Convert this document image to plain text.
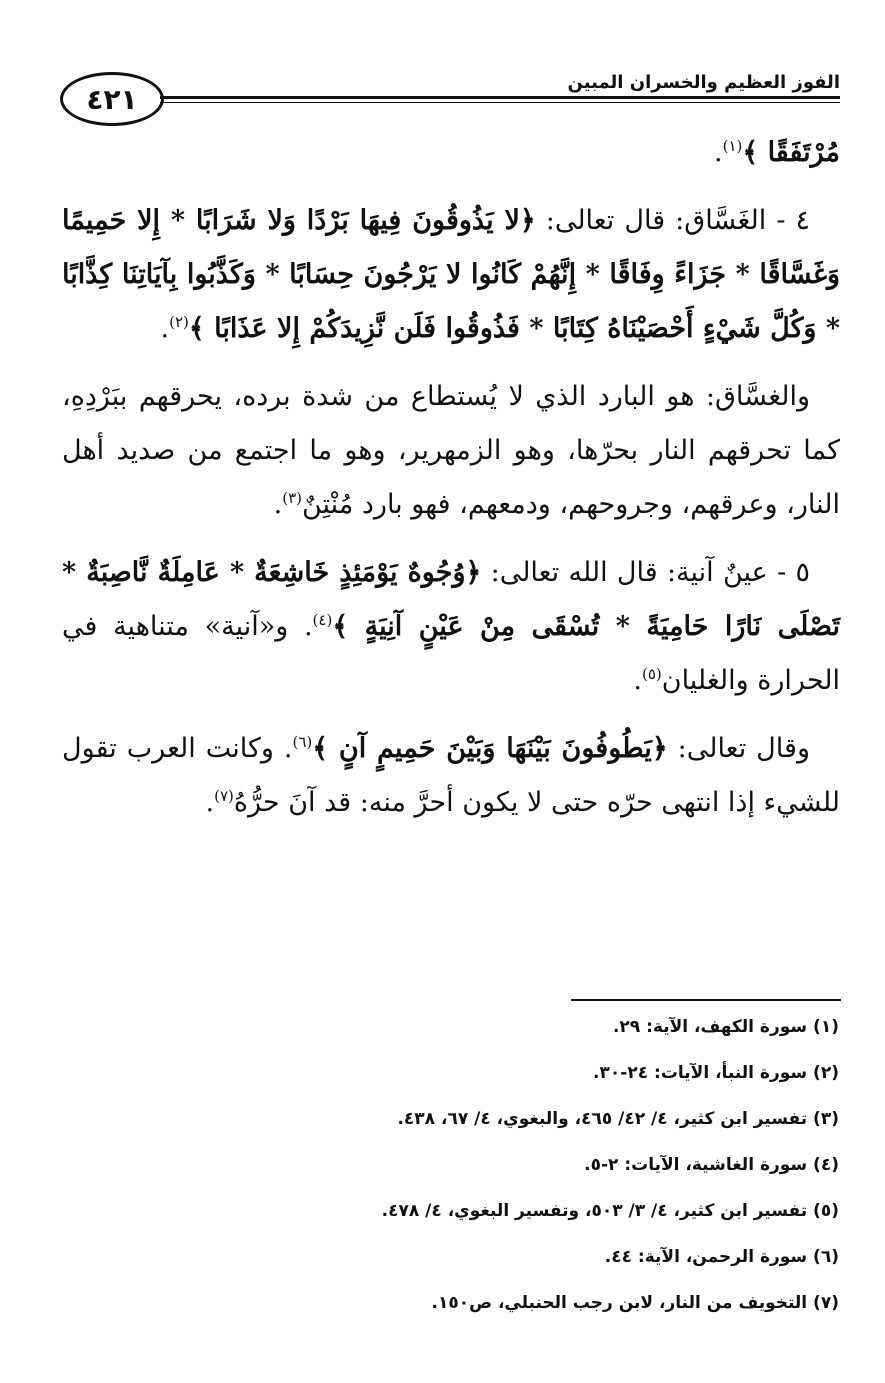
٤٢١	الفوز العظيم والخسران المبين

مُرْتَفَقًا ﴾$^{(١)}$.

٤ - الغَسَّاق: قال تعالى: ﴿لا يَذُوقُونَ فِيهَا بَرْدًا وَلا شَرَابًا * إِلا حَمِيمًا وَغَسَّاقًا * جَزَاءً وِفَاقًا * إِنَّهُمْ كَانُوا لا يَرْجُونَ حِسَابًا * وَكَذَّبُوا بِآيَاتِنَا كِذَّابًا * وَكُلَّ شَيْءٍ أَحْصَيْنَاهُ كِتَابًا * فَذُوقُوا فَلَن نَّزِيدَكُمْ إِلا عَذَابًا ﴾$^{(٢)}$.

والغسَّاق: هو البارد الذي لا يُستطاع من شدة برده، يحرقهم ببَرْدِهِ، كما تحرقهم النار بحرّها، وهو الزمهرير، وهو ما اجتمع من صديد أهل النار، وعرقهم، وجروحهم، ودمعهم، فهو بارد مُنْتِنٌ$^{(٣)}$.

٥ - عينٌ آنية: قال الله تعالى: ﴿وُجُوهٌ يَوْمَئِذٍ خَاشِعَةٌ * عَامِلَةٌ نَّاصِبَةٌ * تَصْلَى نَارًا حَامِيَةً * تُسْقَى مِنْ عَيْنٍ آنِيَةٍ ﴾$^{(٤)}$. و«آنية» متناهية في الحرارة والغليان$^{(٥)}$.

وقال تعالى: ﴿يَطُوفُونَ بَيْنَهَا وَبَيْنَ حَمِيمٍ آنٍ ﴾$^{(٦)}$. وكانت العرب تقول للشيء إذا انتهى حرّه حتى لا يكون أحرَّ منه: قد آنَ حرُّهُ$^{(٧)}$.

(١) سورة الكهف، الآية: ٢٩.
(٢) سورة النبأ، الآيات: ٢٤-٣٠.
(٣) تفسير ابن كثير، ٤/ ٤٢/ ٤٦٥، والبغوي، ٤/ ٦٧، ٤٣٨.
(٤) سورة الغاشية، الآيات: ٢-٥.
(٥) تفسير ابن كثير، ٤/ ٣/ ٥٠٣، وتفسير البغوي، ٤/ ٤٧٨.
(٦) سورة الرحمن، الآية: ٤٤.
(٧) التخويف من النار، لابن رجب الحنبلي، ص١٥٠.
